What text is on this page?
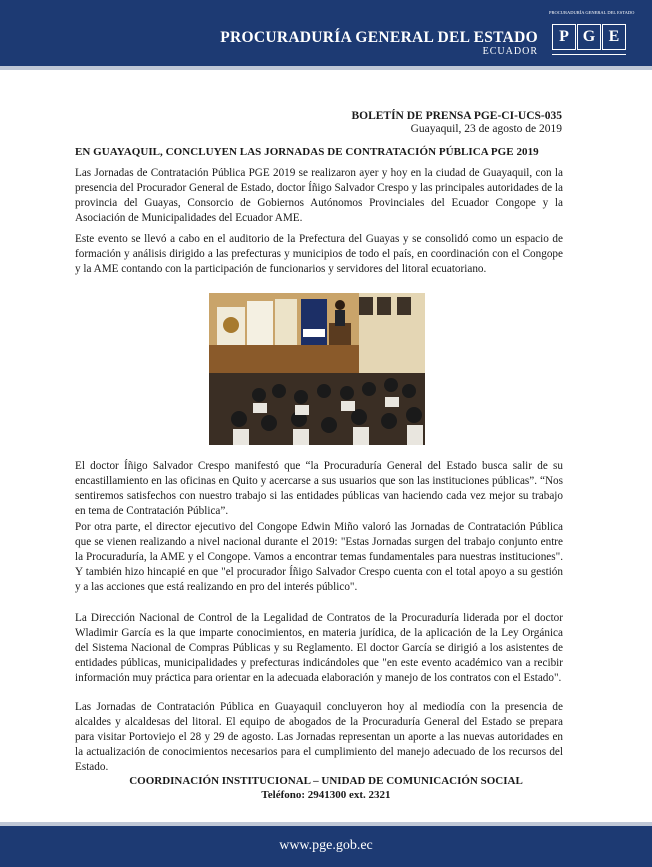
PROCURADURÍA GENERAL DEL ESTADO
ECUADOR
PROCURADURÍA GENERAL DEL ESTADO
P G E
BOLETÍN DE PRENSA PGE-CI-UCS-035
Guayaquil, 23 de agosto de 2019
EN GUAYAQUIL, CONCLUYEN LAS JORNADAS DE CONTRATACIÓN PÚBLICA PGE 2019

Las Jornadas de Contratación Pública PGE 2019 se realizaron ayer y hoy en la ciudad de Guayaquil, con la presencia del Procurador General de Estado, doctor Íñigo Salvador Crespo y las principales autoridades de la provincia del Guayas, Consorcio de Gobiernos Autónomos Provinciales del Ecuador Congope y la Asociación de Municipalidades del Ecuador AME.

Este evento se llevó a cabo en el auditorio de la Prefectura del Guayas y se consolidó como un espacio de formación y análisis dirigido a las prefecturas y municipios de todo el país, en coordinación con el Congope y la AME contando con la participación de funcionarios y servidores del litoral ecuatoriano.

El doctor Íñigo Salvador Crespo manifestó que “la Procuraduría General del Estado busca salir de su encastillamiento en las oficinas en Quito y acercarse a sus usuarios que son las instituciones públicas”. “Nos sentiremos satisfechos con nuestro trabajo si las entidades públicas van haciendo cada vez mejor su trabajo en tema de Contratación Pública”.

Por otra parte, el director ejecutivo del Congope Edwin Miño valoró las Jornadas de Contratación Pública que se vienen realizando a nivel nacional durante el 2019: "Estas Jornadas surgen del trabajo conjunto entre la Procuraduría, la AME y el Congope. Vamos a encontrar temas fundamentales para nuestras instituciones". Y también hizo hincapié en que "el procurador Íñigo Salvador Crespo cuenta con el total apoyo a su gestión y a las acciones que está realizando en pro del interés público".

La Dirección Nacional de Control de la Legalidad de Contratos de la Procuraduría liderada por el doctor Wladimir García es la que imparte conocimientos, en materia jurídica, de la aplicación de la Ley Orgánica del Sistema Nacional de Compras Públicas y su Reglamento. El doctor García se dirigió a los asistentes de entidades públicas, municipalidades y prefecturas indicándoles que "en este evento académico van a recibir información muy práctica para orientar en la adecuada elaboración y manejo de los contratos con el Estado".

Las Jornadas de Contratación Pública en Guayaquil concluyeron hoy al mediodía con la presencia de alcaldes y alcaldesas del litoral. El equipo de abogados de la Procuraduría General del Estado se prepara para visitar Portoviejo el 28 y 29 de agosto. Las Jornadas representan un aporte a las nuevas autoridades en la actualización de conocimientos necesarios para el cumplimiento del manejo adecuado de los recursos del Estado.

COORDINACIÓN INSTITUCIONAL – UNIDAD DE COMUNICACIÓN SOCIAL
Teléfono: 2941300 ext. 2321
www.pge.gob.ec
